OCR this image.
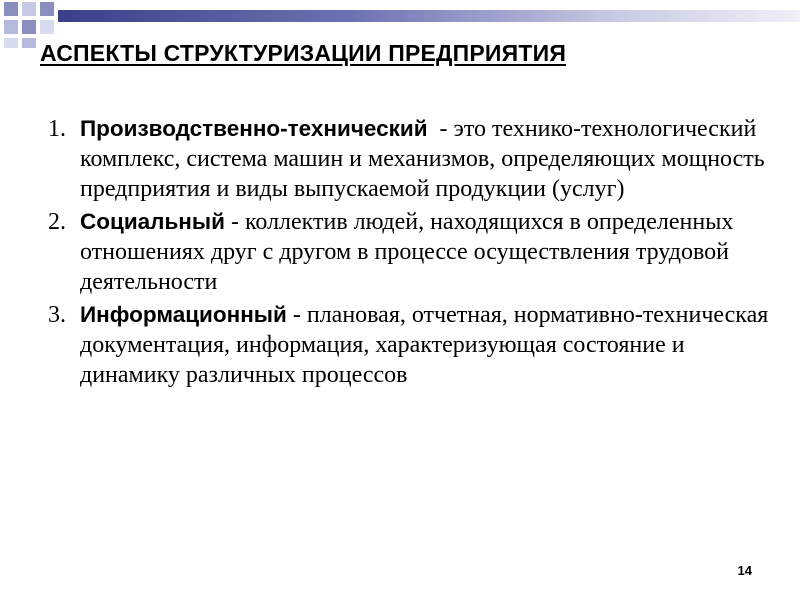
АСПЕКТЫ СТРУКТУРИЗАЦИИ ПРЕДПРИЯТИЯ
1. Производственно-технический  - это технико-технологический комплекс, система машин и механизмов, определяющих мощность предприятия и виды выпускаемой продукции (услуг)
2. Социальный - коллектив людей, находящихся в определенных отношениях друг с другом в процессе осуществления трудовой деятельности
3. Информационный - плановая, отчетная, нормативно-техническая документация, информация, характеризующая состояние и динамику различных процессов
14
